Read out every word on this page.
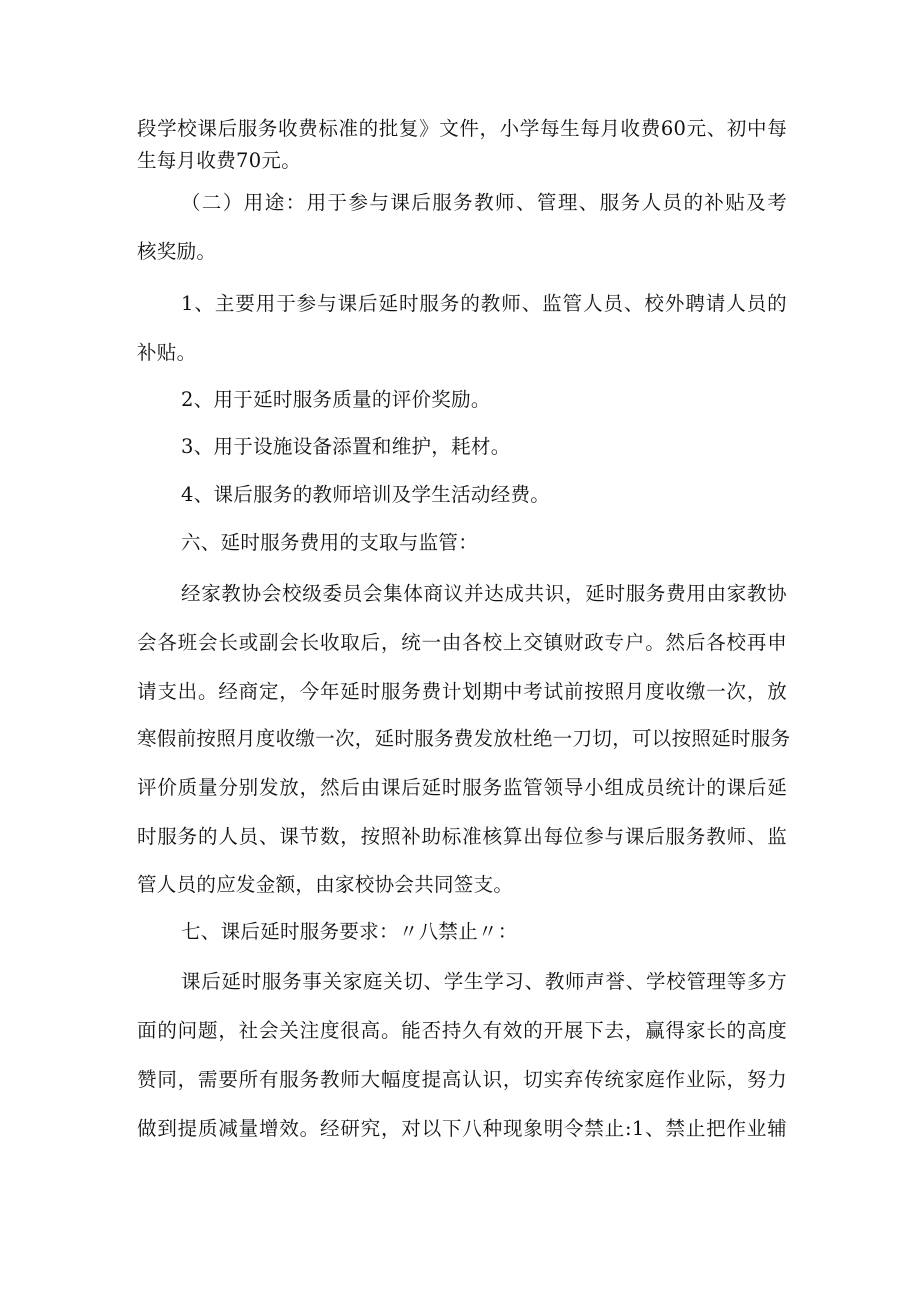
段学校课后服务收费标准的批复》文件，小学每生每月收费60元、初中每
生每月收费70元。
（二）用途：用于参与课后服务教师、管理、服务人员的补贴及考
核奖励。
1、主要用于参与课后延时服务的教师、监管人员、校外聘请人员的
补贴。
2、用于延时服务质量的评价奖励。
3、用于设施设备添置和维护，耗材。
4、课后服务的教师培训及学生活动经费。
六、延时服务费用的支取与监管：
经家教协会校级委员会集体商议并达成共识，延时服务费用由家教协
会各班会长或副会长收取后，统一由各校上交镇财政专户。然后各校再申
请支出。经商定，今年延时服务费计划期中考试前按照月度收缴一次，放
寒假前按照月度收缴一次，延时服务费发放杜绝一刀切，可以按照延时服务
评价质量分别发放，然后由课后延时服务监管领导小组成员统计的课后延
时服务的人员、课节数，按照补助标准核算出每位参与课后服务教师、监
管人员的应发金额，由家校协会共同签支。
七、课后延时服务要求：〃八禁止〃：
课后延时服务事关家庭关切、学生学习、教师声誉、学校管理等多方
面的问题，社会关注度很高。能否持久有效的开展下去，赢得家长的高度
赞同，需要所有服务教师大幅度提高认识，切实弃传统家庭作业际，努力
做到提质减量增效。经研究，对以下八种现象明令禁止:1、禁止把作业辅
